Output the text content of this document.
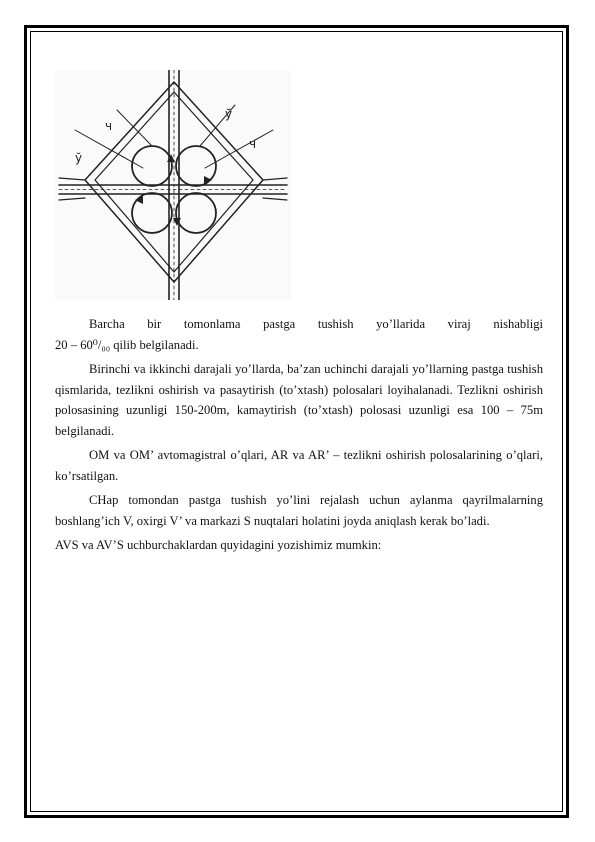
ч
ў
ў
ч

Barcha bir tomonlama pastga tushish yo’llarida viraj nishabligi

20 – 60⁰/₀₀ qilib belgilanadi.

Birinchi va ikkinchi darajali yo’llarda, ba’zan uchinchi darajali yo’llarning pastga tushish qismlarida, tezlikni oshirish va pasaytirish (to’xtash) polosalari loyihalanadi. Tezlikni oshirish polosasining uzunligi 150-200m, kamaytirish (to’xtash) polosasi uzunligi esa 100 – 75m belgilanadi.

OM va OM’ avtomagistral o’qlari, AR va AR’ – tezlikni oshirish polosalarining o’qlari, ko’rsatilgan.

CHap tomondan pastga tushish yo’lini rejalash uchun aylanma qayrilmalarning boshlang’ich V, oxirgi V’ va markazi S nuqtalari holatini joyda aniqlash kerak bo’ladi.

AVS va AV’S uchburchaklardan quyidagini yozishimiz mumkin:
